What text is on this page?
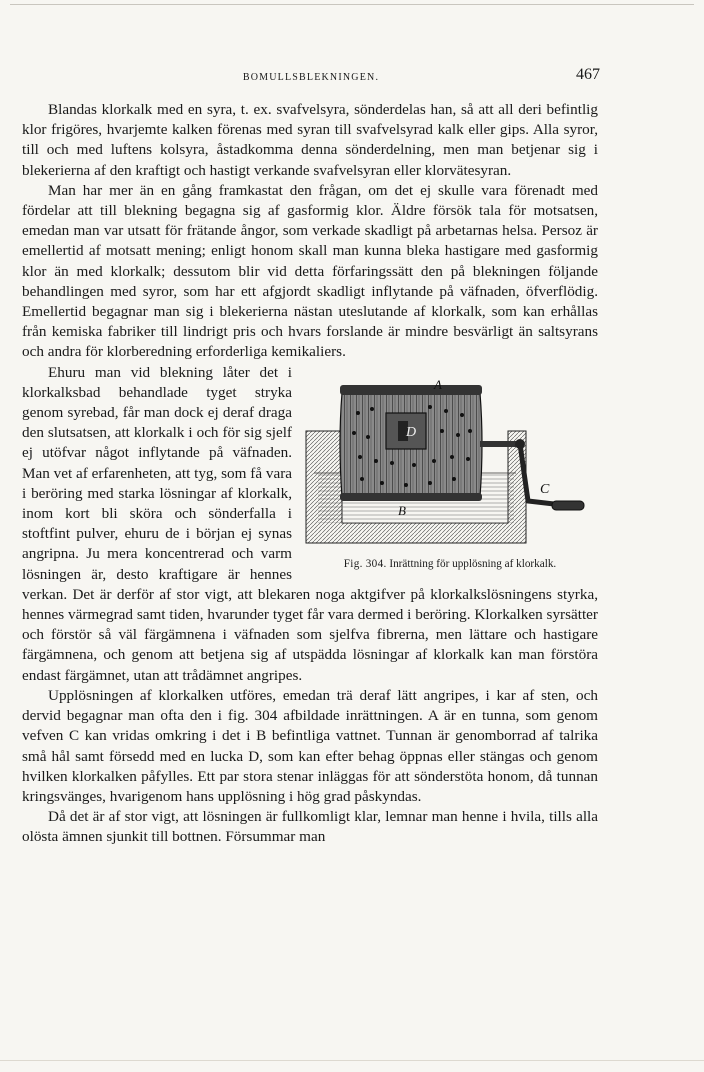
BOMULLSBLEKNINGEN.	467

Blandas klorkalk med en syra, t. ex. svafvelsyra, sönderdelas han, så att all deri befintlig klor frigöres, hvarjemte kalken förenas med syran till svafvelsyrad kalk eller gips. Alla syror, till och med luftens kolsyra, åstadkomma denna sönderdelning, men man betjenar sig i blekerierna af den kraftigt och hastigt verkande svafvelsyran eller klorvätesyran.

Man har mer än en gång framkastat den frågan, om det ej skulle vara förenadt med fördelar att till blekning begagna sig af gasformig klor. Äldre försök tala för motsatsen, emedan man var utsatt för frätande ångor, som verkade skadligt på arbetarnas helsa. Persoz är emellertid af motsatt mening; enligt honom skall man kunna bleka hastigare med gasformig klor än med klorkalk; dessutom blir vid detta förfaringssätt den på blekningen följande behandlingen med syror, som har ett afgjordt skadligt inflytande på väfnaden, öfverflödig. Emellertid begagnar man sig i blekerierna nästan uteslutande af klorkalk, som kan erhållas från kemiska fabriker till lindrigt pris och hvars forslande är mindre besvärligt än saltsyrans och andra för klorberedning erforderliga kemikaliers.

D
A
B
C
Fig. 304. Inrättning för upplösning af klorkalk.

Ehuru man vid blekning låter det i klorkalksbad behandlade tyget stryka genom syrebad, får man dock ej deraf draga den slutsatsen, att klorkalk i och för sig sjelf ej utöfvar något inflytande på väfnaden. Man vet af erfarenheten, att tyg, som få vara i beröring med starka lösningar af klorkalk, inom kort bli sköra och sönderfalla i stoftfint pulver, ehuru de i början ej synas angripna. Ju mera koncentrerad och varm lösningen är, desto kraftigare är hennes verkan. Det är derför af stor vigt, att blekaren noga aktgifver på klorkalkslösningens styrka, hennes värmegrad samt tiden, hvarunder tyget får vara dermed i beröring. Klorkalken syrsätter och förstör så väl färgämnena i väfnaden som sjelfva fibrerna, men lättare och hastigare färgämnena, och genom att betjena sig af utspädda lösningar af klorkalk kan man förstöra endast färgämnet, utan att trådämnet angripes.

Upplösningen af klorkalken utföres, emedan trä deraf lätt angripes, i kar af sten, och dervid begagnar man ofta den i fig. 304 afbildade inrättningen. A är en tunna, som genom vefven C kan vridas omkring i det i B befintliga vattnet. Tunnan är genomborrad af talrika små hål samt försedd med en lucka D, som kan efter behag öppnas eller stängas och genom hvilken klorkalken påfylles. Ett par stora stenar inläggas för att sönderstöta honom, då tunnan kringsvänges, hvarigenom hans upplösning i hög grad påskyndas.

Då det är af stor vigt, att lösningen är fullkomligt klar, lemnar man henne i hvila, tills alla olösta ämnen sjunkit till bottnen. Försummar man
